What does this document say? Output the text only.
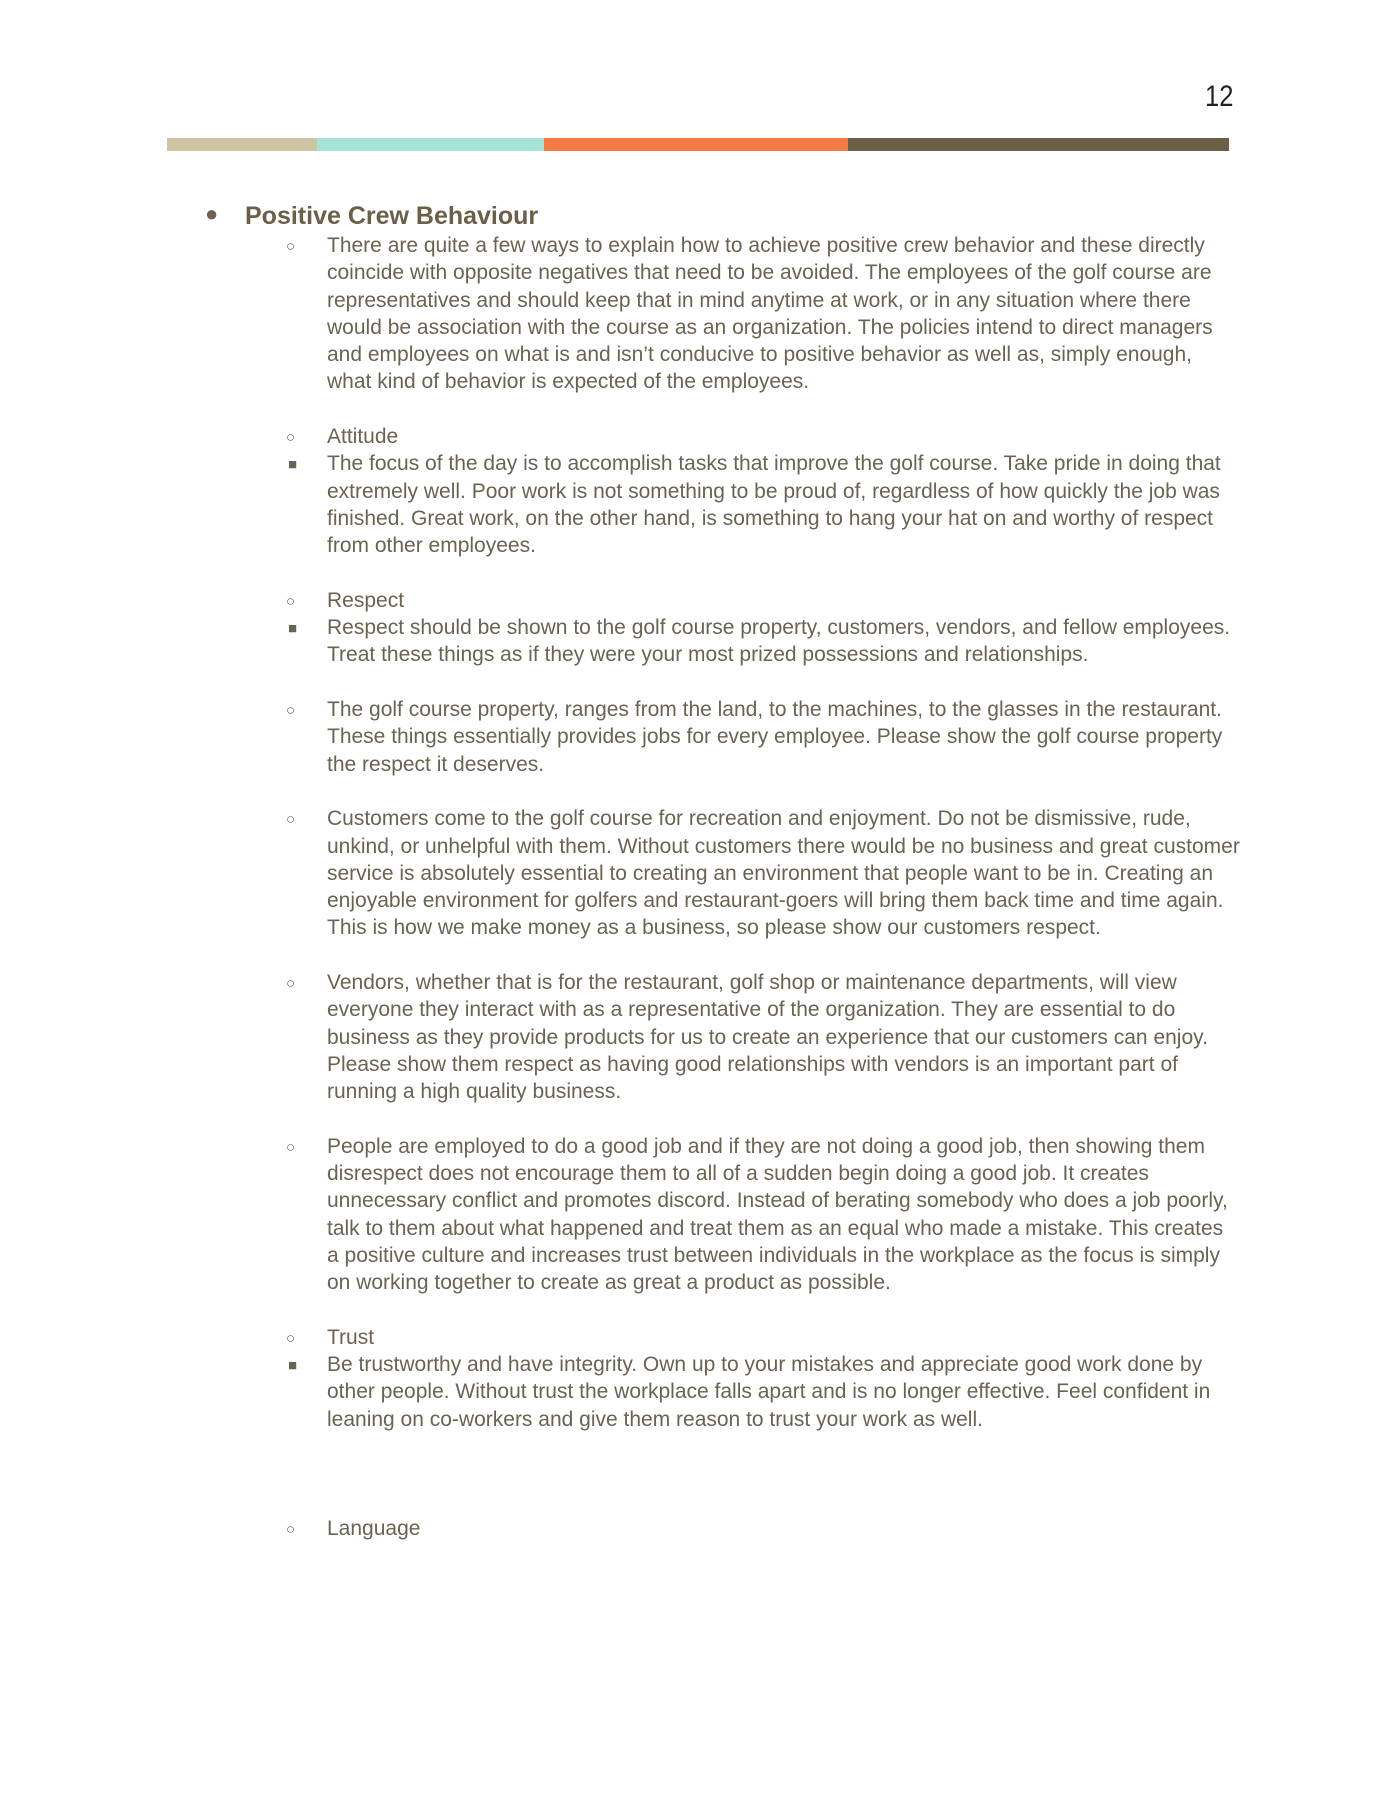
12
● Positive Crew Behaviour
○ There are quite a few ways to explain how to achieve positive crew behavior and these directly coincide with opposite negatives that need to be avoided. The employees of the golf course are representatives and should keep that in mind anytime at work, or in any situation where there would be association with the course as an organization. The policies intend to direct managers and employees on what is and isn’t conducive to positive behavior as well as, simply enough, what kind of behavior is expected of the employees.

○ Attitude

■ The focus of the day is to accomplish tasks that improve the golf course. Take pride in doing that extremely well. Poor work is not something to be proud of, regardless of how quickly the job was finished. Great work, on the other hand, is something to hang your hat on and worthy of respect from other employees.

○ Respect

■ Respect should be shown to the golf course property, customers, vendors, and fellow employees. Treat these things as if they were your most prized possessions and relationships.

○ The golf course property, ranges from the land, to the machines, to the glasses in the restaurant. These things essentially provides jobs for every employee. Please show the golf course property the respect it deserves.

○ Customers come to the golf course for recreation and enjoyment. Do not be dismissive, rude, unkind, or unhelpful with them. Without customers there would be no business and great customer service is absolutely essential to creating an environment that people want to be in. Creating an enjoyable environment for golfers and restaurant-goers will bring them back time and time again. This is how we make money as a business, so please show our customers respect.

○ Vendors, whether that is for the restaurant, golf shop or maintenance departments, will view everyone they interact with as a representative of the organization. They are essential to do business as they provide products for us to create an experience that our customers can enjoy. Please show them respect as having good relationships with vendors is an important part of running a high quality business.

○ People are employed to do a good job and if they are not doing a good job, then showing them disrespect does not encourage them to all of a sudden begin doing a good job. It creates unnecessary conflict and promotes discord. Instead of berating somebody who does a job poorly, talk to them about what happened and treat them as an equal who made a mistake. This creates a positive culture and increases trust between individuals in the workplace as the focus is simply on working together to create as great a product as possible.

○ Trust

■ Be trustworthy and have integrity. Own up to your mistakes and appreciate good work done by other people. Without trust the workplace falls apart and is no longer effective. Feel confident in leaning on co-workers and give them reason to trust your work as well.

○ Language
